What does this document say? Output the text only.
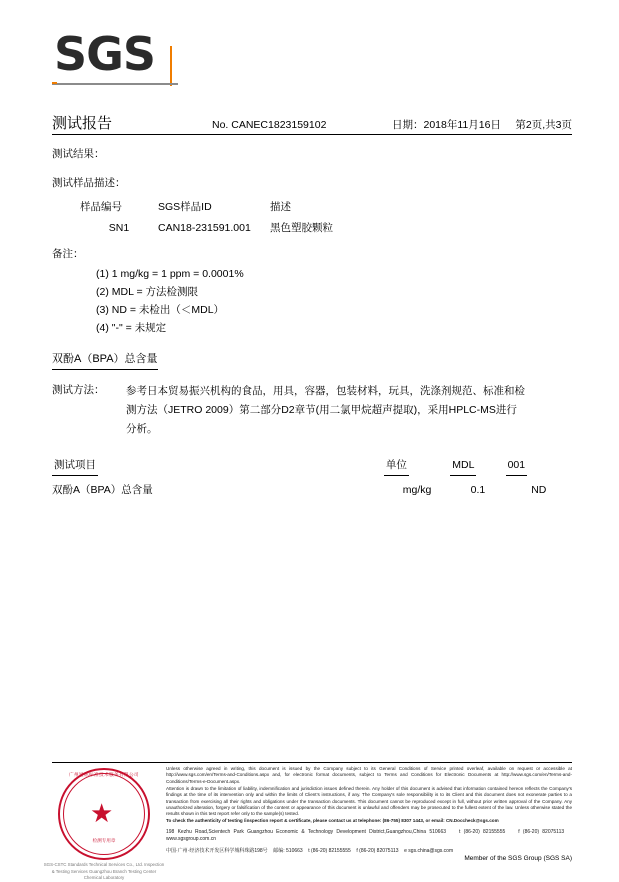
SGS
测试报告	No. CANEC1823159102	日期：2018年11月16日	第2页,共3页
测试结果：
测试样品描述：
样品编号	SGS样品ID	描述
SN1	CAN18-231591.001	黑色塑胶颗粒
备注：
(1) 1 mg/kg = 1 ppm = 0.0001%
(2) MDL = 方法检测限
(3) ND = 未检出（＜MDL）
(4) "-" = 未规定
双酚A（BPA）总含量
测试方法：	参考日本贸易振兴机构的食品，用具，容器，包装材料，玩具，洗涤剂规范、标准和检测方法（JETRO 2009）第二部分D2章节(用二氯甲烷超声提取)，采用HPLC-MS进行分析。
测试项目	单位	MDL	001
双酚A（BPA）总含量	mg/kg	0.1	ND
广州通标标准技术服务有限公司
★
检测专用章
SGS-CSTC Standards Technical Services Co., Ltd. Inspection & Testing Services Guangzhou Branch Testing Center Chemical Laboratory

Unless otherwise agreed in writing, this document is issued by the Company subject to its General Conditions of Service printed overleaf, available on request or accessible at http://www.sgs.com/en/Terms-and-Conditions.aspx and, for electronic format documents, subject to Terms and Conditions for Electronic Documents at http://www.sgs.com/en/Terms-and-Conditions/Terms-e-Document.aspx.

Attention is drawn to the limitation of liability, indemnification and jurisdiction issues defined therein. Any holder of this document is advised that information contained hereon reflects the Company's findings at the time of its intervention only and within the limits of Client's instructions, if any. The Company's sole responsibility is to its Client and this document does not exonerate parties to a transaction from exercising all their rights and obligations under the transaction documents. This document cannot be reproduced except in full, without prior written approval of the Company. Any unauthorized alteration, forgery or falsification of the content or appearance of this document is unlawful and offenders may be prosecuted to the fullest extent of the law. Unless otherwise stated the results shown in this test report refer only to the sample(s) tested.

To check the authenticity of testing /inspection report & certificate, please contact us at telephone: (86-755) 8307 1443, or email: CN.Doccheck@sgs.com

198 Kezhu Road,Scientech Park Guangzhou Economic & Technology Development District,Guangzhou,China 510663	t (86-20) 82155555	f (86-20) 82075113    www.sgsgroup.com.cn
中国·广州·经济技术开发区科学城科珠路198号 邮编: 510663 t (86-20) 82155555 f (86-20) 82075113 e sgs.china@sgs.com
Member of the SGS Group (SGS SA)
